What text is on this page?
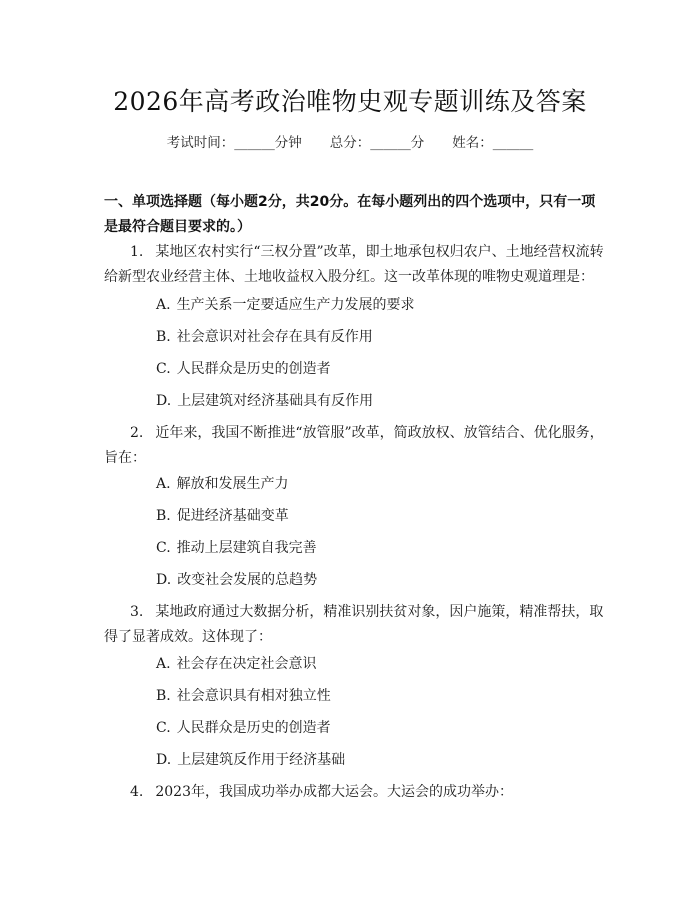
2026年高考政治唯物史观专题训练及答案
考试时间：______分钟 总分：______分 姓名：______
一、单项选择题（每小题2分，共20分。在每小题列出的四个选项中，只有一项是最符合题目要求的。）
1. 某地区农村实行“三权分置”改革，即土地承包权归农户、土地经营权流转给新型农业经营主体、土地收益权入股分红。这一改革体现的唯物史观道理是：
A. 生产关系一定要适应生产力发展的要求
B. 社会意识对社会存在具有反作用
C. 人民群众是历史的创造者
D. 上层建筑对经济基础具有反作用
2. 近年来，我国不断推进“放管服”改革，简政放权、放管结合、优化服务，旨在：
A. 解放和发展生产力
B. 促进经济基础变革
C. 推动上层建筑自我完善
D. 改变社会发展的总趋势
3. 某地政府通过大数据分析，精准识别扶贫对象，因户施策，精准帮扶，取得了显著成效。这体现了：
A. 社会存在决定社会意识
B. 社会意识具有相对独立性
C. 人民群众是历史的创造者
D. 上层建筑反作用于经济基础
4. 2023年，我国成功举办成都大运会。大运会的成功举办：
